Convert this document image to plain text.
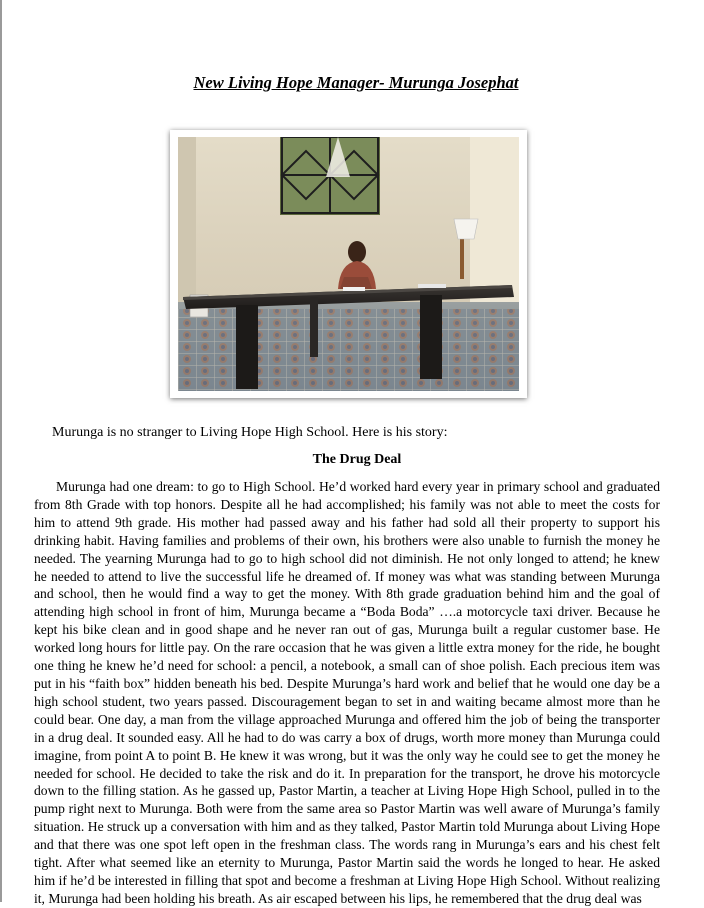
New Living Hope Manager- Murunga Josephat
Murunga is no stranger to Living Hope High School. Here is his story:
The Drug Deal

Murunga had one dream: to go to High School. He’d worked hard every year in primary school and graduated from 8th Grade with top honors. Despite all he had accomplished; his family was not able to meet the costs for him to attend 9th grade. His mother had passed away and his father had sold all their property to support his drinking habit. Having families and problems of their own, his brothers were also unable to furnish the money he needed. The yearning Murunga had to go to high school did not diminish. He not only longed to attend; he knew he needed to attend to live the successful life he dreamed of. If money was what was standing between Murunga and school, then he would find a way to get the money. With 8th grade graduation behind him and the goal of attending high school in front of him, Murunga became a “Boda Boda” ….a motorcycle taxi driver. Because he kept his bike clean and in good shape and he never ran out of gas, Murunga built a regular customer base. He worked long hours for little pay. On the rare occasion that he was given a little extra money for the ride, he bought one thing he knew he’d need for school: a pencil, a notebook, a small can of shoe polish. Each precious item was put in his “faith box” hidden beneath his bed. Despite Murunga’s hard work and belief that he would one day be a high school student, two years passed. Discouragement began to set in and waiting became almost more than he could bear. One day, a man from the village approached Murunga and offered him the job of being the transporter in a drug deal. It sounded easy. All he had to do was carry a box of drugs, worth more money than Murunga could imagine, from point A to point B. He knew it was wrong, but it was the only way he could see to get the money he needed for school. He decided to take the risk and do it. In preparation for the transport, he drove his motorcycle down to the filling station. As he gassed up, Pastor Martin, a teacher at Living Hope High School, pulled in to the pump right next to Murunga. Both were from the same area so Pastor Martin was well aware of Murunga’s family situation. He struck up a conversation with him and as they talked, Pastor Martin told Murunga about Living Hope and that there was one spot left open in the freshman class. The words rang in Murunga’s ears and his chest felt tight. After what seemed like an eternity to Murunga, Pastor Martin said the words he longed to hear. He asked him if he’d be interested in filling that spot and become a freshman at Living Hope High School. Without realizing it, Murunga had been holding his breath. As air escaped between his lips, he remembered that the drug deal was
